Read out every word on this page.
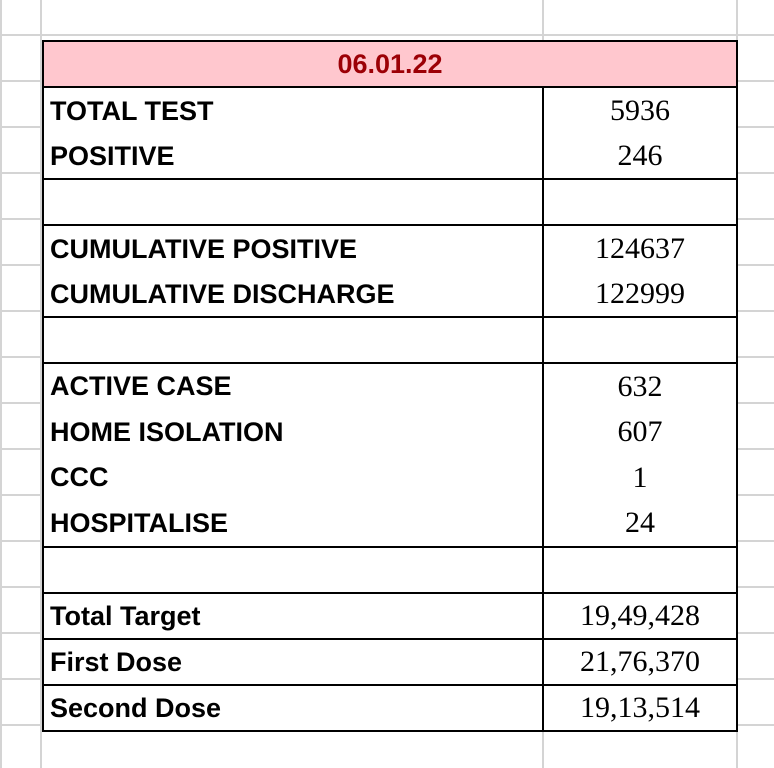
06.01.22
TOTAL TEST	5936
POSITIVE	246
CUMULATIVE POSITIVE	124637
CUMULATIVE DISCHARGE	122999
ACTIVE CASE	632
HOME ISOLATION	607
CCC	1
HOSPITALISE	24
Total Target	19,49,428
First Dose	21,76,370
Second Dose	19,13,514
